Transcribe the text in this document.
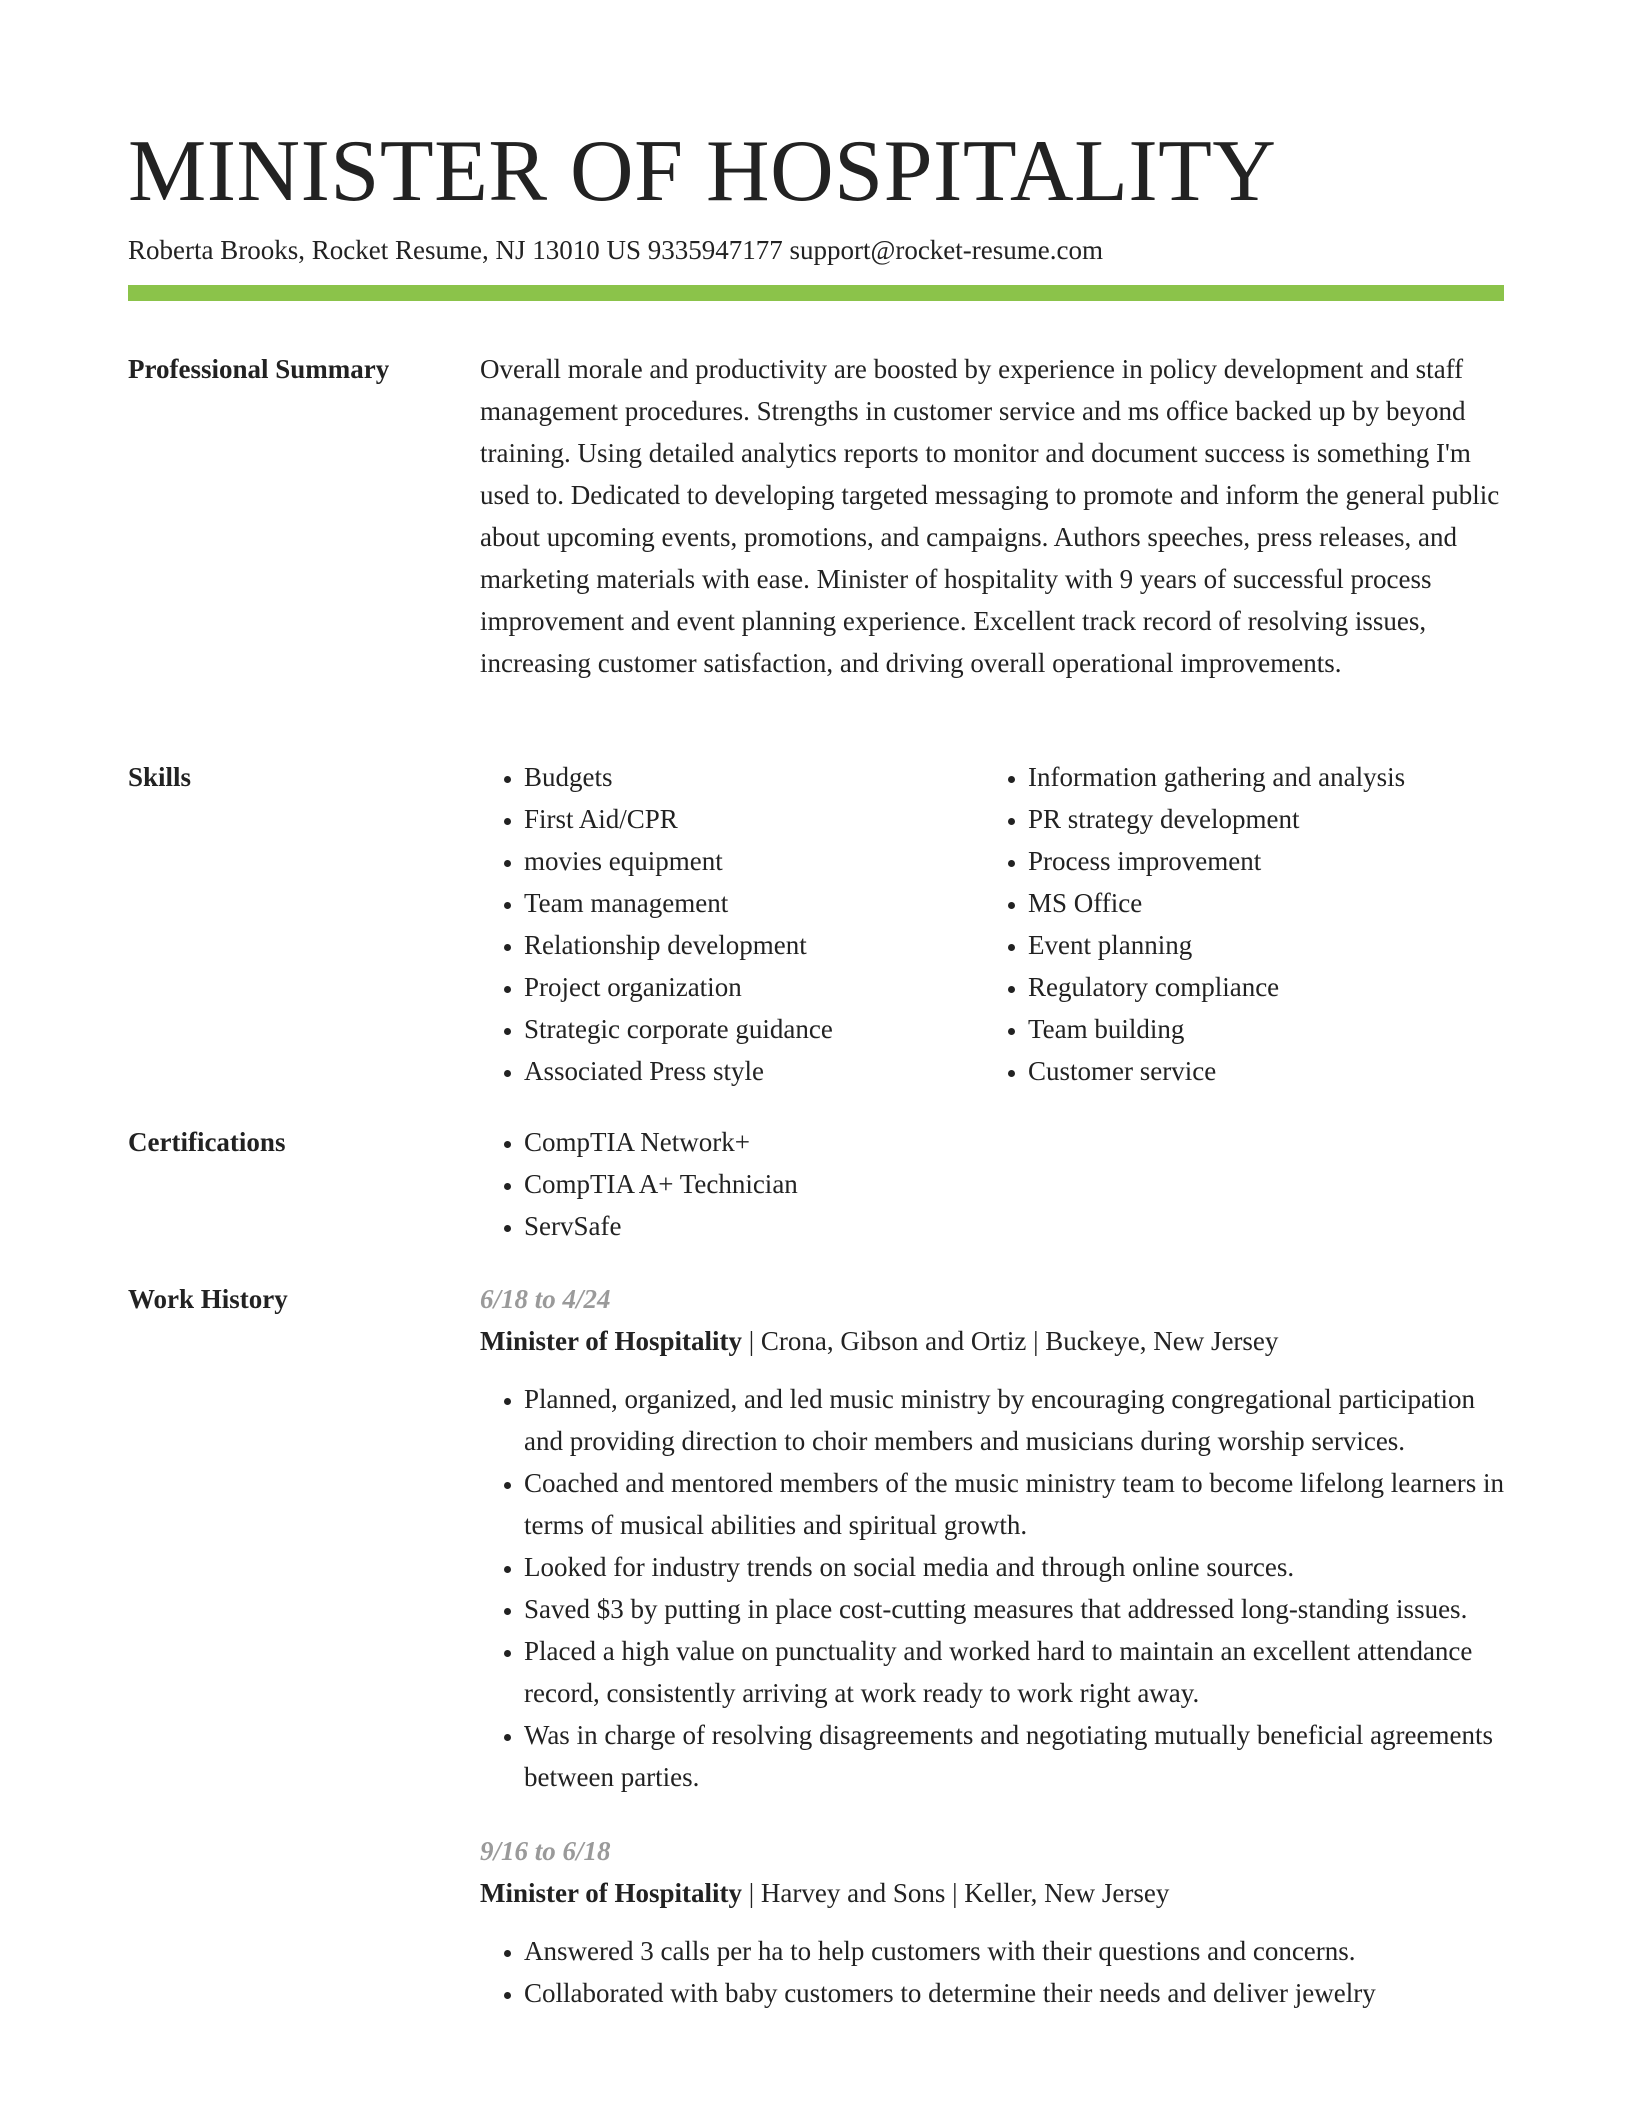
MINISTER OF HOSPITALITY
Roberta Brooks, Rocket Resume, NJ 13010 US 9335947177 support@rocket-resume.com
Professional Summary	Overall morale and productivity are boosted by experience in policy development and staff management procedures. Strengths in customer service and ms office backed up by beyond training. Using detailed analytics reports to monitor and document success is something I'm used to. Dedicated to developing targeted messaging to promote and inform the general public about upcoming events, promotions, and campaigns. Authors speeches, press releases, and marketing materials with ease. Minister of hospitality with 9 years of successful process improvement and event planning experience. Excellent track record of resolving issues, increasing customer satisfaction, and driving overall operational improvements.

Skills	• Budgets
• First Aid/CPR
• movies equipment
• Team management
• Relationship development
• Project organization
• Strategic corporate guidance
• Associated Press style
• Information gathering and analysis
• PR strategy development
• Process improvement
• MS Office
• Event planning
• Regulatory compliance
• Team building
• Customer service
Certifications	• CompTIA Network+
• CompTIA A+ Technician
• ServSafe
Work History	6/18 to 4/24
Minister of Hospitality | Crona, Gibson and Ortiz | Buckeye, New Jersey
• Planned, organized, and led music ministry by encouraging congregational participation and providing direction to choir members and musicians during worship services.
• Coached and mentored members of the music ministry team to become lifelong learners in terms of musical abilities and spiritual growth.
• Looked for industry trends on social media and through online sources.
• Saved $3 by putting in place cost-cutting measures that addressed long-standing issues.
• Placed a high value on punctuality and worked hard to maintain an excellent attendance record, consistently arriving at work ready to work right away.
• Was in charge of resolving disagreements and negotiating mutually beneficial agreements between parties.
9/16 to 6/18
Minister of Hospitality | Harvey and Sons | Keller, New Jersey
• Answered 3 calls per ha to help customers with their questions and concerns.
• Collaborated with baby customers to determine their needs and deliver jewelry
